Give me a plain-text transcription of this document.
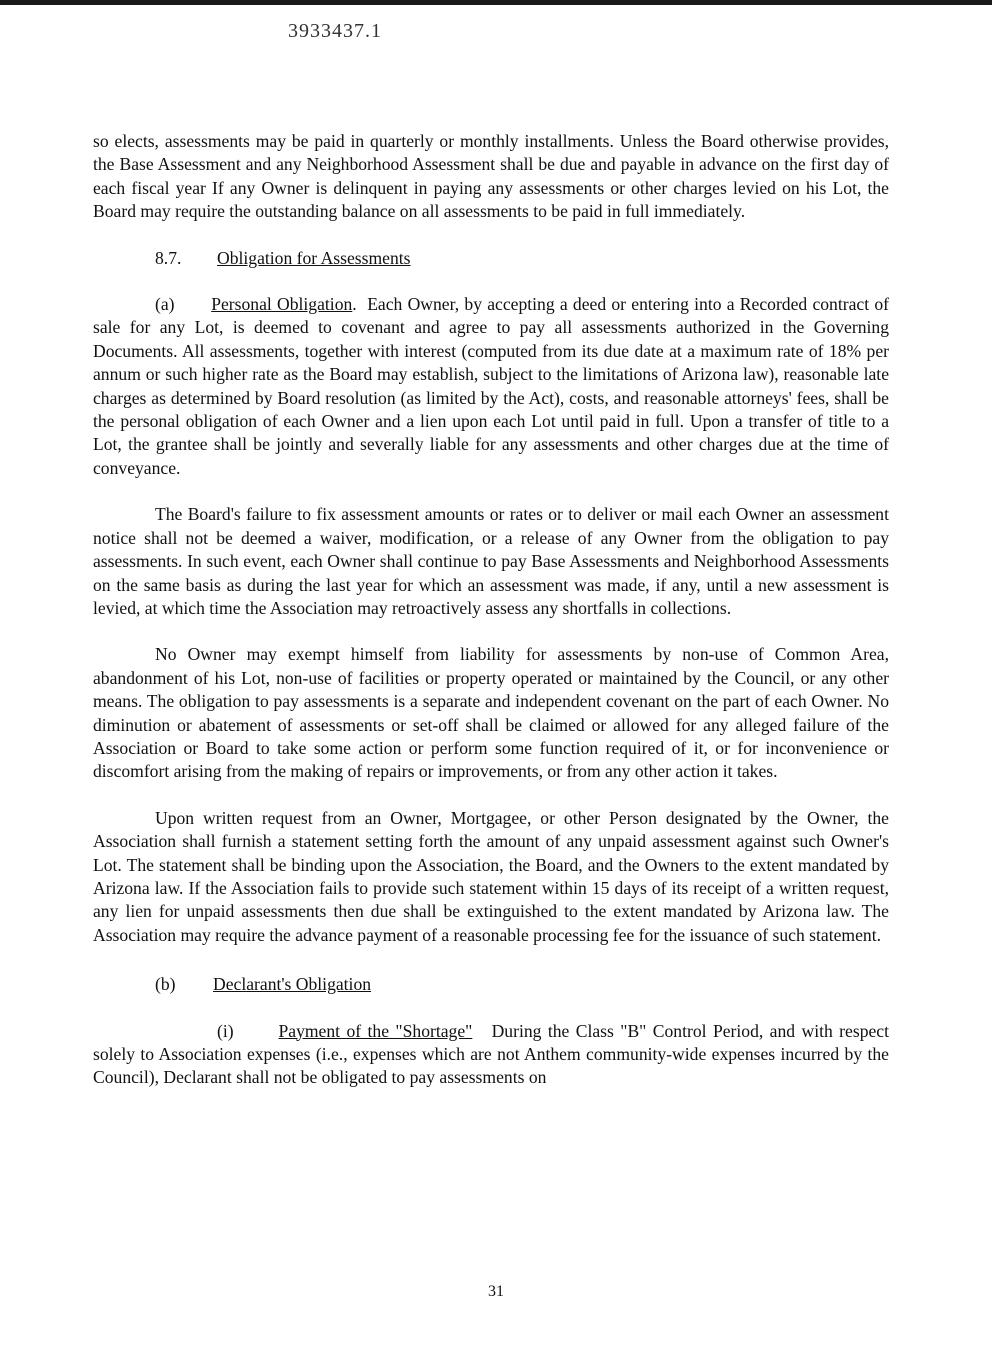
3933437.1

so elects, assessments may be paid in quarterly or monthly installments. Unless the Board otherwise provides, the Base Assessment and any Neighborhood Assessment shall be due and payable in advance on the first day of each fiscal year If any Owner is delinquent in paying any assessments or other charges levied on his Lot, the Board may require the outstanding balance on all assessments to be paid in full immediately.

8.7. Obligation for Assessments

(a) Personal Obligation.  Each Owner, by accepting a deed or entering into a Recorded contract of sale for any Lot, is deemed to covenant and agree to pay all assessments authorized in the Governing Documents. All assessments, together with interest (computed from its due date at a maximum rate of 18% per annum or such higher rate as the Board may establish, subject to the limitations of Arizona law), reasonable late charges as determined by Board resolution (as limited by the Act), costs, and reasonable attorneys' fees, shall be the personal obligation of each Owner and a lien upon each Lot until paid in full. Upon a transfer of title to a Lot, the grantee shall be jointly and severally liable for any assessments and other charges due at the time of conveyance.

The Board's failure to fix assessment amounts or rates or to deliver or mail each Owner an assessment notice shall not be deemed a waiver, modification, or a release of any Owner from the obligation to pay assessments. In such event, each Owner shall continue to pay Base Assessments and Neighborhood Assessments on the same basis as during the last year for which an assessment was made, if any, until a new assessment is levied, at which time the Association may retroactively assess any shortfalls in collections.

No Owner may exempt himself from liability for assessments by non-use of Common Area, abandonment of his Lot, non-use of facilities or property operated or maintained by the Council, or any other means. The obligation to pay assessments is a separate and independent covenant on the part of each Owner. No diminution or abatement of assessments or set-off shall be claimed or allowed for any alleged failure of the Association or Board to take some action or perform some function required of it, or for inconvenience or discomfort arising from the making of repairs or improvements, or from any other action it takes.

Upon written request from an Owner, Mortgagee, or other Person designated by the Owner, the Association shall furnish a statement setting forth the amount of any unpaid assessment against such Owner's Lot. The statement shall be binding upon the Association, the Board, and the Owners to the extent mandated by Arizona law. If the Association fails to provide such statement within 15 days of its receipt of a written request, any lien for unpaid assessments then due shall be extinguished to the extent mandated by Arizona law. The Association may require the advance payment of a reasonable processing fee for the issuance of such statement.

(b) Declarant's Obligation

(i)	Payment of the "Shortage" During the Class "B" Control Period, and with respect solely to Association expenses (i.e., expenses which are not Anthem community-wide expenses incurred by the Council), Declarant shall not be obligated to pay assessments on

31
